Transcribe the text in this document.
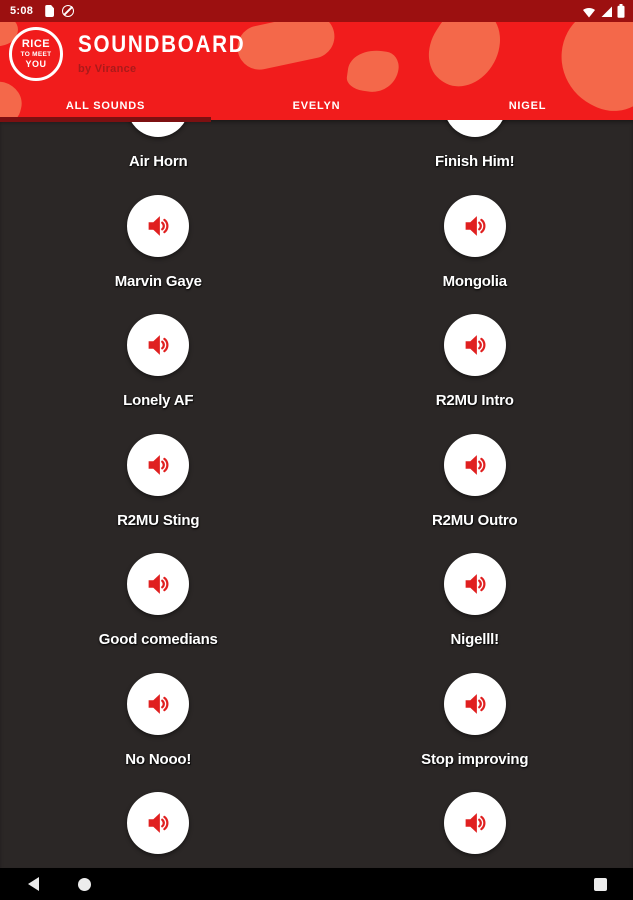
5:08
RICE
TO MEET
YOU
SOUNDBOARD
by Virance
ALL SOUNDS	EVELYN	NIGEL
Air Horn	Finish Him!
Marvin Gaye	Mongolia
Lonely AF	R2MU Intro
R2MU Sting	R2MU Outro
Good comedians	Nigelll!
No Nooo!	Stop improving
